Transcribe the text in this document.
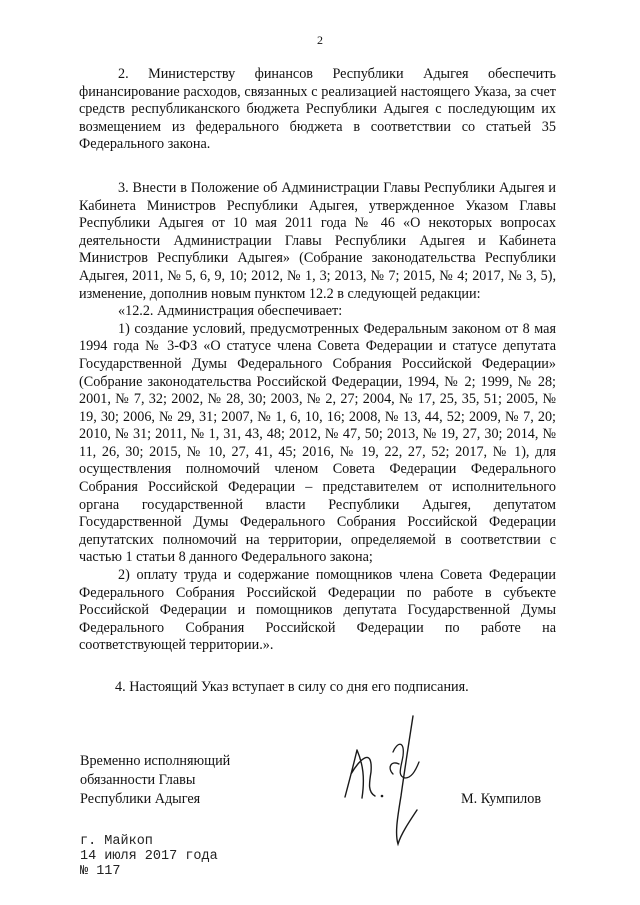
2

2. Министерству финансов Республики Адыгея обеспечить финансирование расходов, связанных с реализацией настоящего Указа, за счет средств республиканского бюджета Республики Адыгея с последующим их возмещением из федерального бюджета в соответствии со статьей 35 Федерального закона.

3. Внести в Положение об Администрации Главы Республики Адыгея и Кабинета Министров Республики Адыгея, утвержденное Указом Главы Республики Адыгея от 10 мая 2011 года № 46 «О некоторых вопросах деятельности Администрации Главы Республики Адыгея и Кабинета Министров Республики Адыгея» (Собрание законодательства Республики Адыгея, 2011, № 5, 6, 9, 10; 2012, № 1, 3; 2013, № 7; 2015, № 4; 2017, № 3, 5), изменение, дополнив новым пунктом 12.2 в следующей редакции:

«12.2. Администрация обеспечивает:

1) создание условий, предусмотренных Федеральным законом от 8 мая 1994 года № 3-ФЗ «О статусе члена Совета Федерации и статусе депутата Государственной Думы Федерального Собрания Российской Федерации» (Собрание законодательства Российской Федерации, 1994, № 2; 1999, № 28; 2001, № 7, 32; 2002, № 28, 30; 2003, № 2, 27; 2004, № 17, 25, 35, 51; 2005, № 19, 30; 2006, № 29, 31; 2007, № 1, 6, 10, 16; 2008, № 13, 44, 52; 2009, № 7, 20; 2010, № 31; 2011, № 1, 31, 43, 48; 2012, № 47, 50; 2013, № 19, 27, 30; 2014, № 11, 26, 30; 2015, № 10, 27, 41, 45; 2016, № 19, 22, 27, 52; 2017, № 1), для осуществления полномочий членом Совета Федерации Федерального Собрания Российской Федерации – представителем от исполнительного органа государственной власти Республики Адыгея, депутатом Государственной Думы Федерального Собрания Российской Федерации депутатских полномочий на территории, определяемой в соответствии с частью 1 статьи 8 данного Федерального закона;

2) оплату труда и содержание помощников члена Совета Федерации Федерального Собрания Российской Федерации по работе в субъекте Российской Федерации и помощников депутата Государственной Думы Федерального Собрания Российской Федерации по работе на соответствующей территории.».

4. Настоящий Указ вступает в силу со дня его подписания.

Временно исполняющий
обязанности Главы
Республики Адыгея	М. Кумпилов
г. Майкоп
14 июля 2017 года
№ 117
